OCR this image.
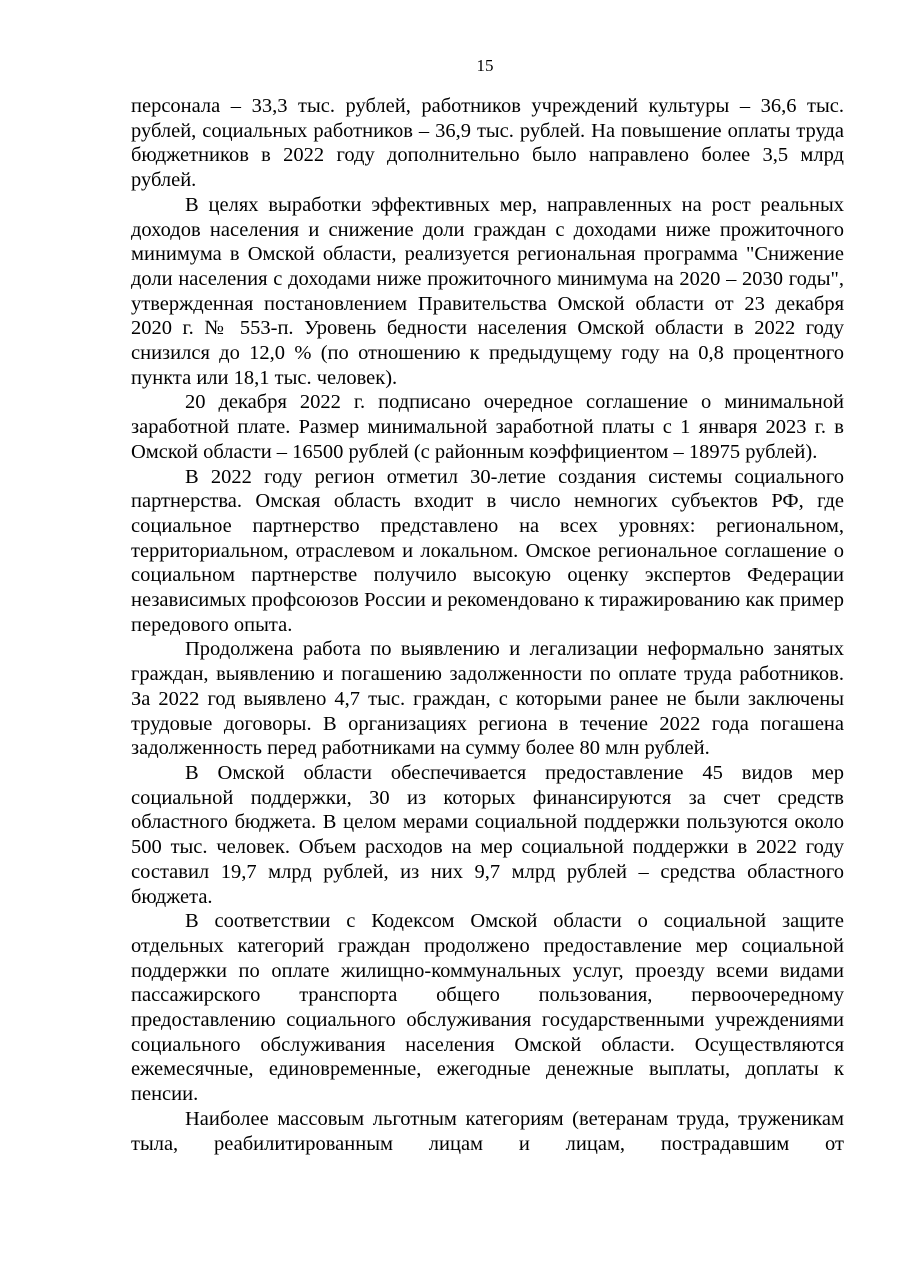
15

персонала – 33,3 тыс. рублей, работников учреждений культуры – 36,6 тыс. рублей, социальных работников – 36,9 тыс. рублей. На повышение оплаты труда бюджетников в 2022 году дополнительно было направлено более 3,5 млрд рублей.

В целях выработки эффективных мер, направленных на рост реальных доходов населения и снижение доли граждан с доходами ниже прожиточного минимума в Омской области, реализуется региональная программа "Снижение доли населения с доходами ниже прожиточного минимума на 2020 – 2030 годы", утвержденная постановлением Правительства Омской области от 23 декабря 2020 г. № 553-п. Уровень бедности населения Омской области в 2022 году снизился до 12,0 % (по отношению к предыдущему году на 0,8 процентного пункта или 18,1 тыс. человек).

20 декабря 2022 г. подписано очередное соглашение о минимальной заработной плате. Размер минимальной заработной платы с 1 января 2023 г. в Омской области – 16500 рублей (с районным коэффициентом – 18975 рублей).

В 2022 году регион отметил 30-летие создания системы социального партнерства. Омская область входит в число немногих субъектов РФ, где социальное партнерство представлено на всех уровнях: региональном, территориальном, отраслевом и локальном. Омское региональное соглашение о социальном партнерстве получило высокую оценку экспертов Федерации независимых профсоюзов России и рекомендовано к тиражированию как пример передового опыта.

Продолжена работа по выявлению и легализации неформально занятых граждан, выявлению и погашению задолженности по оплате труда работников. За 2022 год выявлено 4,7 тыс. граждан, с которыми ранее не были заключены трудовые договоры. В организациях региона в течение 2022 года погашена задолженность перед работниками на сумму более 80 млн рублей.

В Омской области обеспечивается предоставление 45 видов мер социальной поддержки, 30 из которых финансируются за счет средств областного бюджета. В целом мерами социальной поддержки пользуются около 500 тыс. человек. Объем расходов на мер социальной поддержки в 2022 году составил 19,7 млрд рублей, из них 9,7 млрд рублей – средства областного бюджета.

В соответствии с Кодексом Омской области о социальной защите отдельных категорий граждан продолжено предоставление мер социальной поддержки по оплате жилищно-коммунальных услуг, проезду всеми видами пассажирского транспорта общего пользования, первоочередному предоставлению социального обслуживания государственными учреждениями социального обслуживания населения Омской области. Осуществляются ежемесячные, единовременные, ежегодные денежные выплаты, доплаты к пенсии.

Наиболее массовым льготным категориям (ветеранам труда, труженикам тыла, реабилитированным лицам и лицам, пострадавшим от
